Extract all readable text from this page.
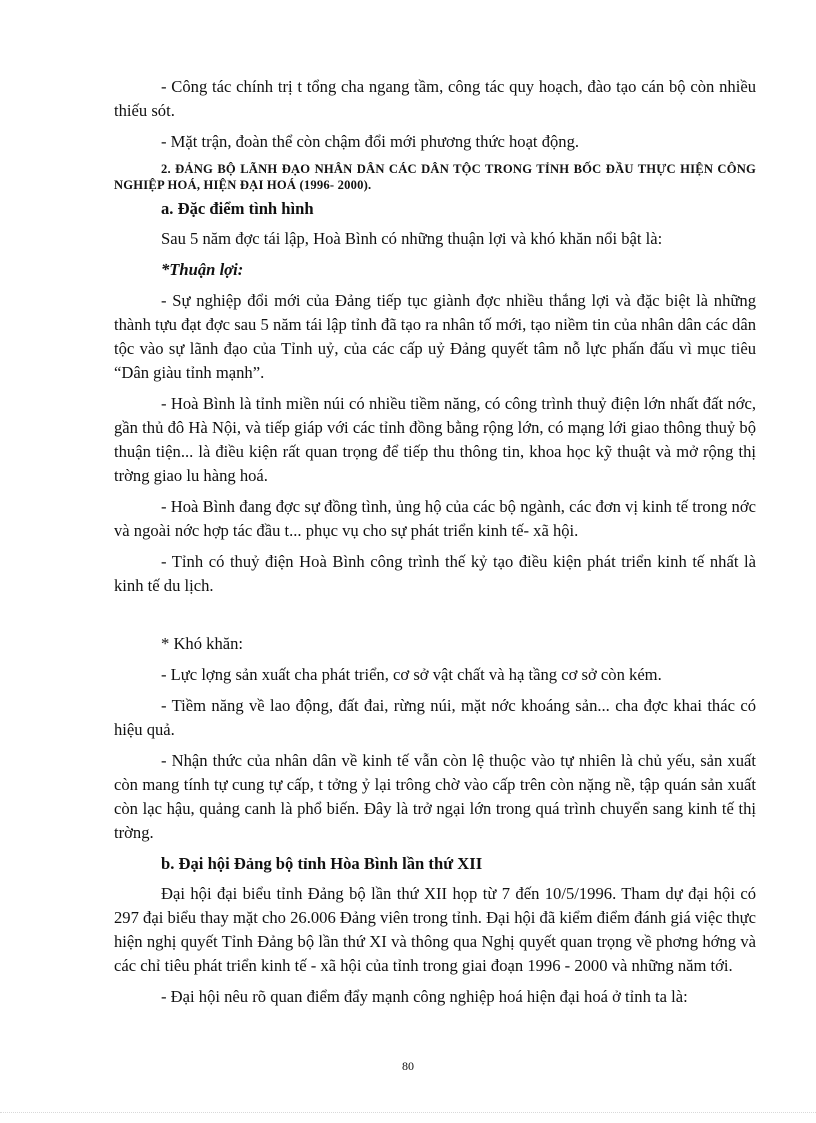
- Công tác chính trị t tổng cha ngang tầm, công tác quy hoạch, đào tạo cán bộ còn nhiều thiếu sót.

- Mặt trận, đoàn thể còn chậm đổi mới phương thức hoạt động.

2. ĐẢNG BỘ LÃNH ĐẠO NHÂN DÂN CÁC DÂN TỘC TRONG TỈNH BỐC ĐẦU THỰC HIỆN CÔNG NGHIỆP HOÁ, HIỆN ĐẠI HOÁ (1996- 2000).
a. Đặc điểm tình hình

Sau 5 năm đợc tái lập, Hoà Bình có những thuận lợi và khó khăn nổi bật là:

*Thuận lợi:

- Sự nghiệp đổi mới của Đảng tiếp tục giành đợc nhiều thắng lợi và đặc biệt là những thành tựu đạt đợc sau 5 năm tái lập tỉnh đã tạo ra nhân tố mới, tạo niềm tin của nhân dân các dân tộc vào sự lãnh đạo của Tỉnh uỷ, của các cấp uỷ Đảng quyết tâm nỗ lực phấn đấu vì mục tiêu “Dân giàu tỉnh mạnh”.

- Hoà Bình là tỉnh miền núi có nhiều tiềm năng, có công trình thuỷ điện lớn nhất đất nớc, gần thủ đô Hà Nội, và tiếp giáp với các tỉnh đồng bằng rộng lớn, có mạng lới giao thông thuỷ bộ thuận tiện... là điều kiện rất quan trọng để tiếp thu thông tin, khoa học kỹ thuật và mở rộng thị trờng giao lu hàng hoá.

- Hoà Bình đang đợc sự đồng tình, ủng hộ của các bộ ngành, các đơn vị kinh tế trong nớc và ngoài nớc hợp tác đầu t... phục vụ cho sự phát triển kinh tế- xã hội.

- Tỉnh có thuỷ điện Hoà Bình công trình thế kỷ tạo điều kiện phát triển kinh tế nhất là kinh tế du lịch.

* Khó khăn:

- Lực lợng sản xuất cha phát triển, cơ sở vật chất và hạ tầng cơ sở còn kém.

- Tiềm năng về lao động, đất đai, rừng núi, mặt nớc khoáng sản... cha đợc khai thác có hiệu quả.

- Nhận thức của nhân dân về kinh tế vẫn còn lệ thuộc vào tự nhiên là chủ yếu, sản xuất còn mang tính tự cung tự cấp, t tởng ỷ lại trông chờ vào cấp trên còn nặng nề, tập quán sản xuất còn lạc hậu, quảng canh là phổ biến. Đây là trở ngại lớn trong quá trình chuyển sang kinh tế thị trờng.

b. Đại hội Đảng bộ tỉnh Hòa Bình lần thứ XII

Đại hội đại biểu tỉnh Đảng bộ lần thứ XII họp từ 7 đến 10/5/1996. Tham dự đại hội có 297 đại biểu thay mặt cho 26.006 Đảng viên trong tỉnh. Đại hội đã kiểm điểm đánh giá việc thực hiện nghị quyết Tỉnh Đảng bộ lần thứ XI và thông qua Nghị quyết quan trọng về phơng hớng và các chỉ tiêu phát triển kinh tế - xã hội của tỉnh trong giai đoạn 1996 - 2000 và những năm tới.

- Đại hội nêu rõ quan điểm đẩy mạnh công nghiệp hoá hiện đại hoá ở tỉnh ta là:

80
